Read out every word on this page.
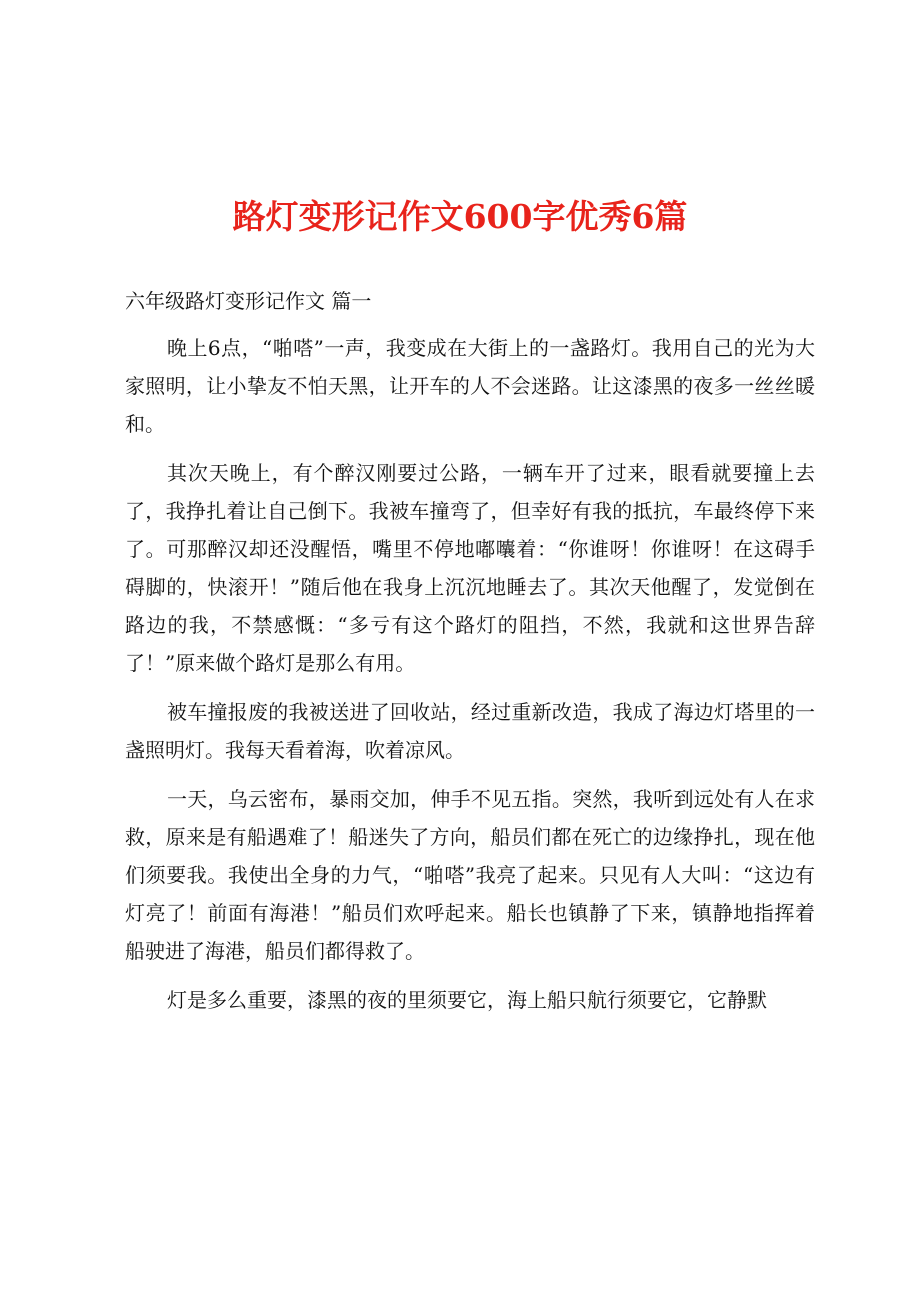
路灯变形记作文600字优秀6篇
六年级路灯变形记作文 篇一

晚上6点，“啪嗒”一声，我变成在大街上的一盏路灯。我用自己的光为大家照明，让小挚友不怕天黑，让开车的人不会迷路。让这漆黑的夜多一丝丝暖和。

其次天晚上，有个醉汉刚要过公路，一辆车开了过来，眼看就要撞上去了，我挣扎着让自己倒下。我被车撞弯了，但幸好有我的抵抗，车最终停下来了。可那醉汉却还没醒悟，嘴里不停地嘟囔着：“你谁呀！你谁呀！在这碍手碍脚的，快滚开！”随后他在我身上沉沉地睡去了。其次天他醒了，发觉倒在路边的我，不禁感慨：“多亏有这个路灯的阻挡，不然，我就和这世界告辞了！”原来做个路灯是那么有用。

被车撞报废的我被送进了回收站，经过重新改造，我成了海边灯塔里的一盏照明灯。我每天看着海，吹着凉风。

一天，乌云密布，暴雨交加，伸手不见五指。突然，我听到远处有人在求救，原来是有船遇难了！船迷失了方向，船员们都在死亡的边缘挣扎，现在他们须要我。我使出全身的力气，“啪嗒”我亮了起来。只见有人大叫：“这边有灯亮了！前面有海港！”船员们欢呼起来。船长也镇静了下来，镇静地指挥着船驶进了海港，船员们都得救了。

灯是多么重要，漆黑的夜的里须要它，海上船只航行须要它，它静默
